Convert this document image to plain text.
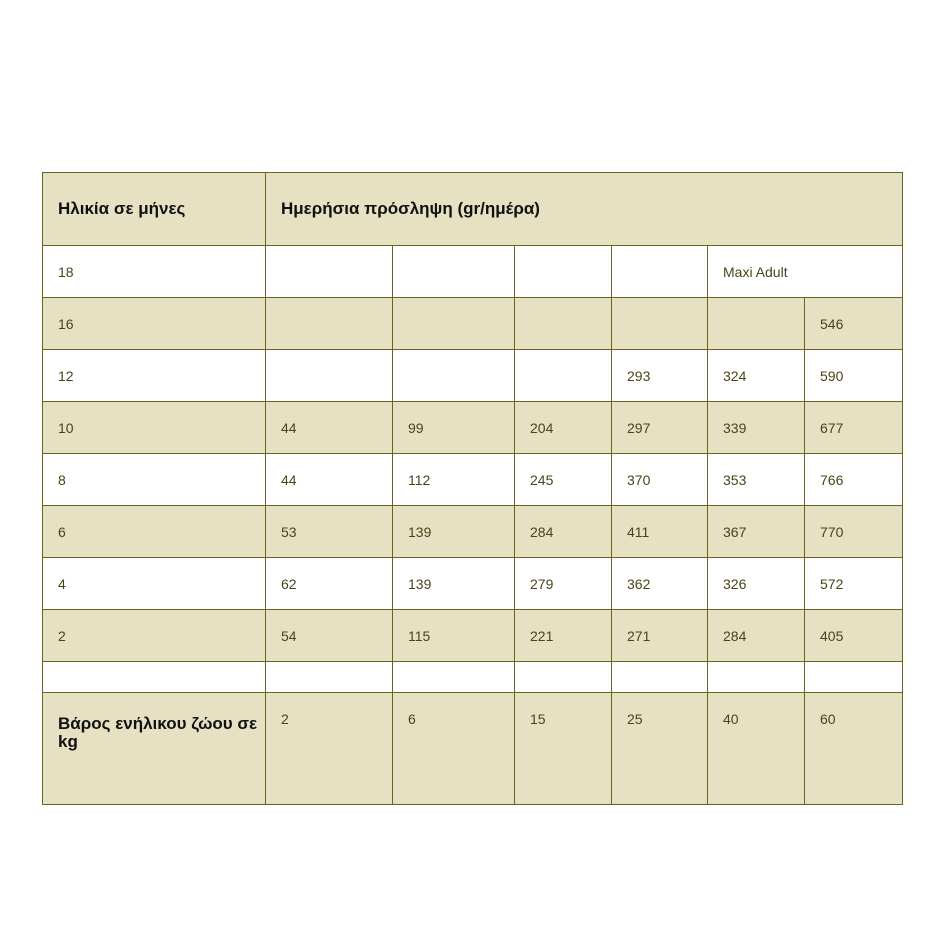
Ηλικία σε μήνες	Ημερήσια πρόσληψη (gr/ημέρα)					
18					Maxi Adult	
16						546
12				293	324	590
10	44	99	204	297	339	677
8	44	112	245	370	353	766
6	53	139	284	411	367	770
4	62	139	279	362	326	572
2	54	115	221	271	284	405

Βάρος ενήλικου ζώου σε kg	2	6	15	25	40	60
